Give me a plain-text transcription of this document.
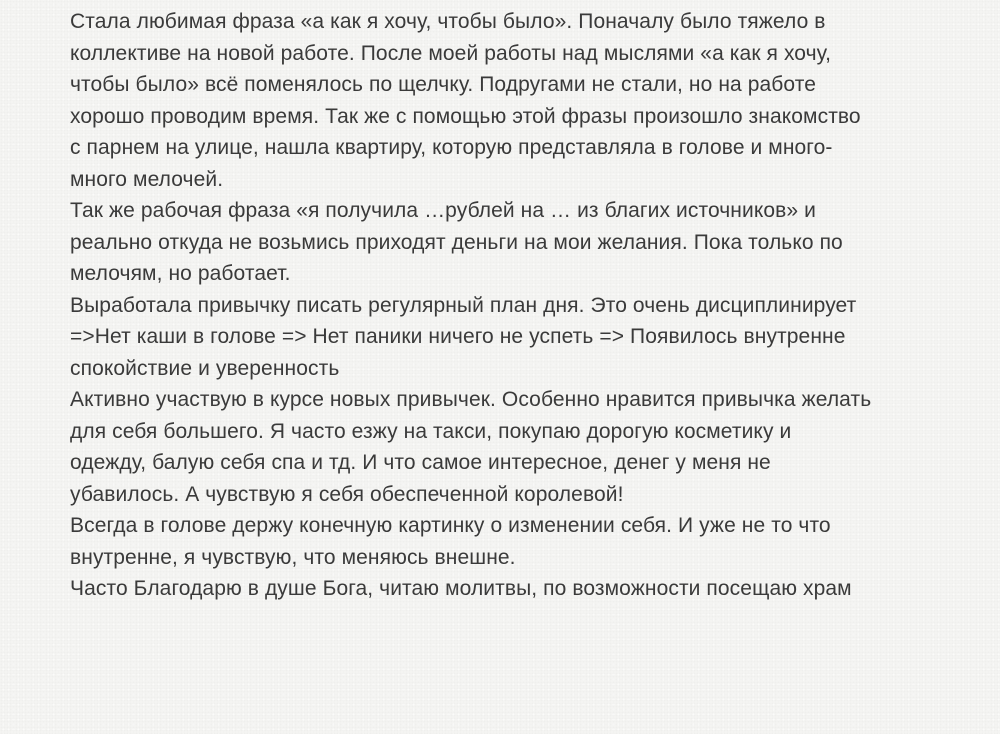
Стала любимая фраза «а как я хочу, чтобы было». Поначалу было тяжело в
коллективе на новой работе. После моей работы над мыслями «а как я хочу,
чтобы было» всё поменялось по щелчку. Подругами не стали, но на работе
хорошо проводим время. Так же с помощью этой фразы произошло знакомство
с парнем на улице, нашла квартиру, которую представляла в голове и много-
много мелочей.
Так же рабочая фраза «я получила …рублей на … из благих источников» и
реально откуда не возьмись приходят деньги на мои желания. Пока только по
мелочям, но работает.
Выработала привычку писать регулярный план дня. Это очень дисциплинирует
=>Нет каши в голове => Нет паники ничего не успеть => Появилось внутренне
спокойствие и уверенность
Активно участвую в курсе новых привычек. Особенно нравится привычка желать
для себя большего. Я часто езжу на такси, покупаю дорогую косметику и
одежду, балую себя спа и тд. И что самое интересное, денег у меня не
убавилось. А чувствую я себя обеспеченной королевой!
Всегда в голове держу конечную картинку о изменении себя. И уже не то что
внутренне, я чувствую, что меняюсь внешне.
Часто Благодарю в душе Бога, читаю молитвы, по возможности посещаю храм
